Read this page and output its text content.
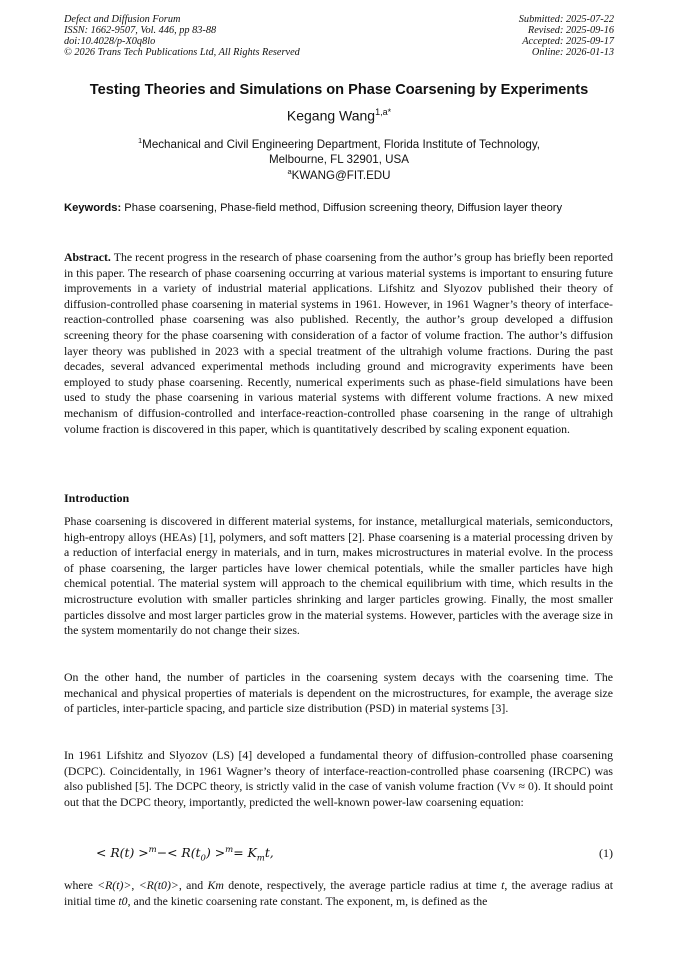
Defect and Diffusion Forum
ISSN: 1662-9507, Vol. 446, pp 83-88
doi:10.4028/p-X0q8lo
© 2026 Trans Tech Publications Ltd, All Rights Reserved
Submitted: 2025-07-22
Revised: 2025-09-16
Accepted: 2025-09-17
Online: 2026-01-13
Testing Theories and Simulations on Phase Coarsening by Experiments
Kegang Wang$^{1,a*}$
$^1$Mechanical and Civil Engineering Department, Florida Institute of Technology,
Melbourne, FL 32901, USA
$^a$KWANG@FIT.EDU
Keywords: Phase coarsening, Phase-field method, Diffusion screening theory, Diffusion layer theory

Abstract. The recent progress in the research of phase coarsening from the author’s group has briefly been reported in this paper. The research of phase coarsening occurring at various material systems is important to ensuring future improvements in a variety of industrial material applications. Lifshitz and Slyozov published their theory of diffusion-controlled phase coarsening in material systems in 1961. However, in 1961 Wagner’s theory of interface-reaction-controlled phase coarsening was also published. Recently, the author’s group developed a diffusion screening theory for the phase coarsening with consideration of a factor of volume fraction. The author’s diffusion layer theory was published in 2023 with a special treatment of the ultrahigh volume fractions. During the past decades, several advanced experimental methods including ground and microgravity experiments have been employed to study phase coarsening. Recently, numerical experiments such as phase-field simulations have been used to study the phase coarsening in various material systems with different volume fractions. A new mixed mechanism of diffusion-controlled and interface-reaction-controlled phase coarsening in the range of ultrahigh volume fraction is discovered in this paper, which is quantitatively described by scaling exponent equation.

Introduction

Phase coarsening is discovered in different material systems, for instance, metallurgical materials, semiconductors, high-entropy alloys (HEAs) [1], polymers, and soft matters [2]. Phase coarsening is a material processing driven by a reduction of interfacial energy in materials, and in turn, makes microstructures in material evolve. In the process of phase coarsening, the larger particles have lower chemical potentials, while the smaller particles have high chemical potential. The material system will approach to the chemical equilibrium with time, which results in the microstructure evolution with smaller particles shrinking and larger particles growing. Finally, the most smaller particles dissolve and most larger particles grow in the material systems. However, particles with the average size in the system momentarily do not change their sizes.

On the other hand, the number of particles in the coarsening system decays with the coarsening time. The mechanical and physical properties of materials is dependent on the microstructures, for example, the average size of particles, inter-particle spacing, and particle size distribution (PSD) in material systems [3].

In 1961 Lifshitz and Slyozov (LS) [4] developed a fundamental theory of diffusion-controlled phase coarsening (DCPC). Coincidentally, in 1961 Wagner’s theory of interface-reaction-controlled phase coarsening (IRCPC) was also published [5]. The DCPC theory, is strictly valid in the case of vanish volume fraction (Vv ≈ 0). It should point out that the DCPC theory, importantly, predicted the well-known power-law coarsening equation:

< $R(t) >^m-< R(t_0) >^m= K_mt$,	(1)

where <R(t)>, <R(t0)>, and Km denote, respectively, the average particle radius at time t, the average radius at initial time t0, and the kinetic coarsening rate constant. The exponent, m, is defined as the
